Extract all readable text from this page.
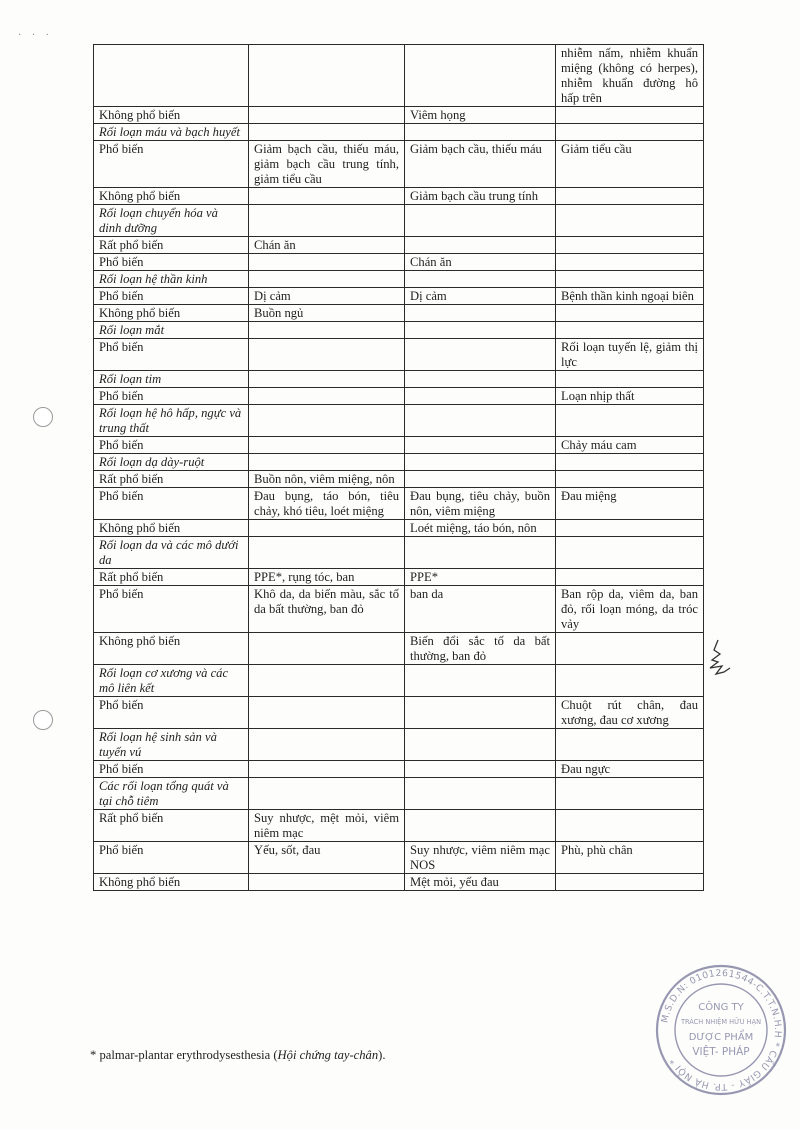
· · ·
			nhiễm nấm, nhiễm khuẩn miệng (không có herpes), nhiễm khuẩn đường hô hấp trên
Không phổ biến		Viêm họng	
Rối loạn máu và bạch huyết			
Phổ biến	Giảm bạch cầu, thiếu máu, giảm bạch cầu trung tính, giảm tiểu cầu	Giảm bạch cầu, thiếu máu	Giảm tiểu cầu
Không phổ biến		Giảm bạch cầu trung tính	
Rối loạn chuyển hóa và dinh dưỡng			
Rất phổ biến	Chán ăn		
Phổ biến		Chán ăn	
Rối loạn hệ thần kinh			
Phổ biến	Dị cảm	Dị cảm	Bệnh thần kinh ngoại biên
Không phổ biến	Buồn ngủ		
Rối loạn mắt			
Phổ biến			Rối loạn tuyến lệ, giảm thị lực
Rối loạn tim			
Phổ biến			Loạn nhịp thất
Rối loạn hệ hô hấp, ngực và trung thất			
Phổ biến			Chảy máu cam
Rối loạn dạ dày-ruột			
Rất phổ biến	Buồn nôn, viêm miệng, nôn		
Phổ biến	Đau bụng, táo bón, tiêu chảy, khó tiêu, loét miệng	Đau bụng, tiêu chảy, buồn nôn, viêm miệng	Đau miệng
Không phổ biến		Loét miệng, táo bón, nôn	
Rối loạn da và các mô dưới da			
Rất phổ biến	PPE*, rụng tóc, ban	PPE*	
Phổ biến	Khô da, da biến màu, sắc tố da bất thường, ban đỏ	ban da	Ban rộp da, viêm da, ban đỏ, rối loạn móng, da tróc vảy
Không phổ biến		Biến đổi sắc tố da bất thường, ban đỏ	
Rối loạn cơ xương và các mô liên kết			
Phổ biến			Chuột rút chân, đau xương, đau cơ xương
Rối loạn hệ sinh sản và tuyến vú			
Phổ biến			Đau ngực
Các rối loạn tổng quát và tại chỗ tiêm			
Rất phổ biến	Suy nhược, mệt mỏi, viêm niêm mạc		
Phổ biến	Yếu, sốt, đau	Suy nhược, viêm niêm mạc NOS	Phù, phù chân
Không phổ biến		Mệt mỏi, yếu đau	
* palmar-plantar erythrodysesthesia (Hội chứng tay-chân).
M.S.D.N: 0101261544-C.T.T.N.H.H * CẦU GIẤY - TP. HÀ NỘI *
CÔNG TY
TRÁCH NHIỆM HỮU HẠN
DƯỢC PHẨM
VIỆT- PHÁP
